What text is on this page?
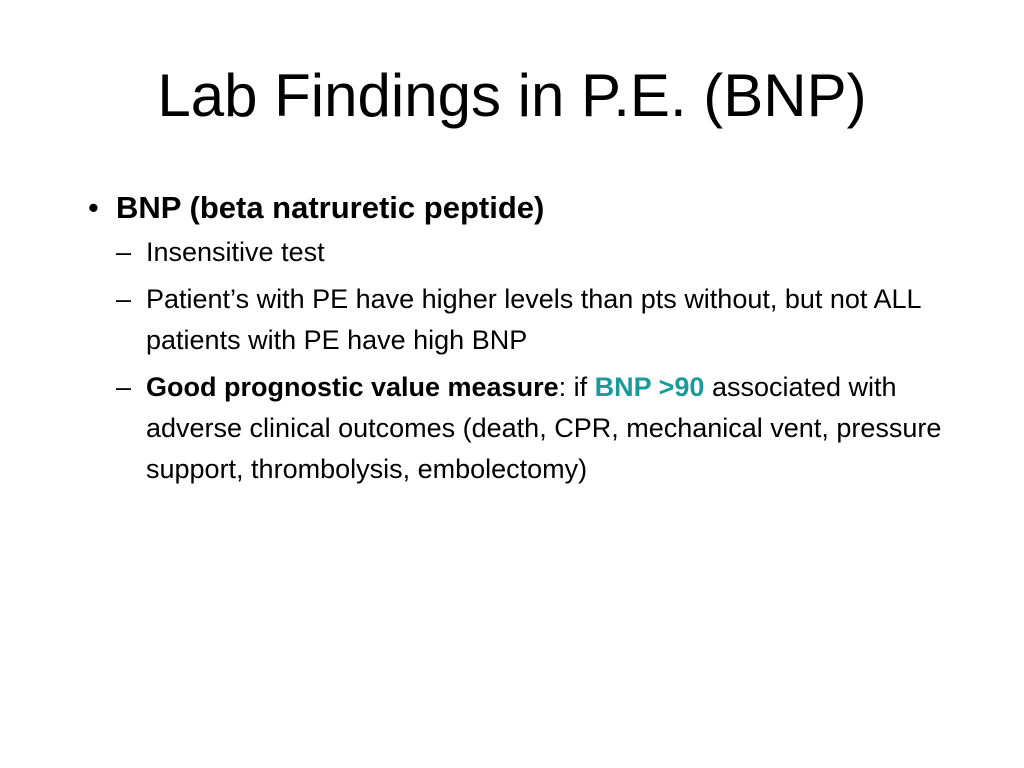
Lab Findings in P.E. (BNP)
• BNP (beta natruretic peptide)
– Insensitive test
– Patient’s with PE have higher levels than pts without, but not ALL patients with PE have high BNP
– Good prognostic value measure: if BNP >90 associated with adverse clinical outcomes (death, CPR, mechanical vent, pressure support, thrombolysis, embolectomy)
